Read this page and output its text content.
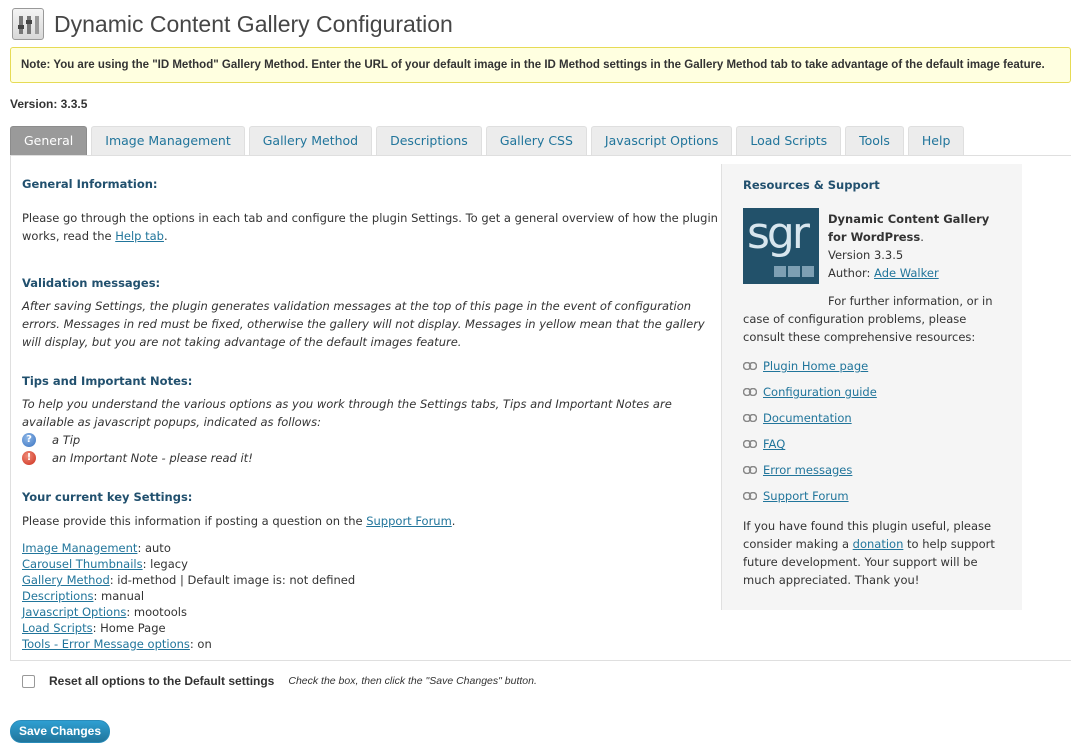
Dynamic Content Gallery Configuration
Note: You are using the "ID Method" Gallery Method. Enter the URL of your default image in the ID Method settings in the Gallery Method tab to take advantage of the default image feature.
Version: 3.3.5
General	Image Management	Gallery Method	Descriptions	Gallery CSS	Javascript Options	Load Scripts	Tools	Help
General Information:

Please go through the options in each tab and configure the plugin Settings. To get a general overview of how the plugin works, read the Help tab.

Validation messages:

After saving Settings, the plugin generates validation messages at the top of this page in the event of configuration errors. Messages in red must be fixed, otherwise the gallery will not display. Messages in yellow mean that the gallery will display, but you are not taking advantage of the default images feature.

Tips and Important Notes:

To help you understand the various options as you work through the Settings tabs, Tips and Important Notes are available as javascript popups, indicated as follows:

?	a Tip
!	an Important Note - please read it!
Your current key Settings:

Please provide this information if posting a question on the Support Forum.

Image Management: auto
Carousel Thumbnails: legacy
Gallery Method: id-method | Default image is: not defined
Descriptions: manual
Javascript Options: mootools
Load Scripts: Home Page
Tools - Error Message options: on
Resources & Support
sgr Dynamic Content Gallery
for WordPress.
Version 3.3.5
Author: Ade Walker
For further information, or in case of configuration problems, please consult these comprehensive resources:
Plugin Home page
Configuration guide
Documentation
FAQ
Error messages
Support Forum
If you have found this plugin useful, please consider making a donation to help support future development. Your support will be much appreciated. Thank you!
Reset all options to the Default settings Check the box, then click the "Save Changes" button.
Save Changes
